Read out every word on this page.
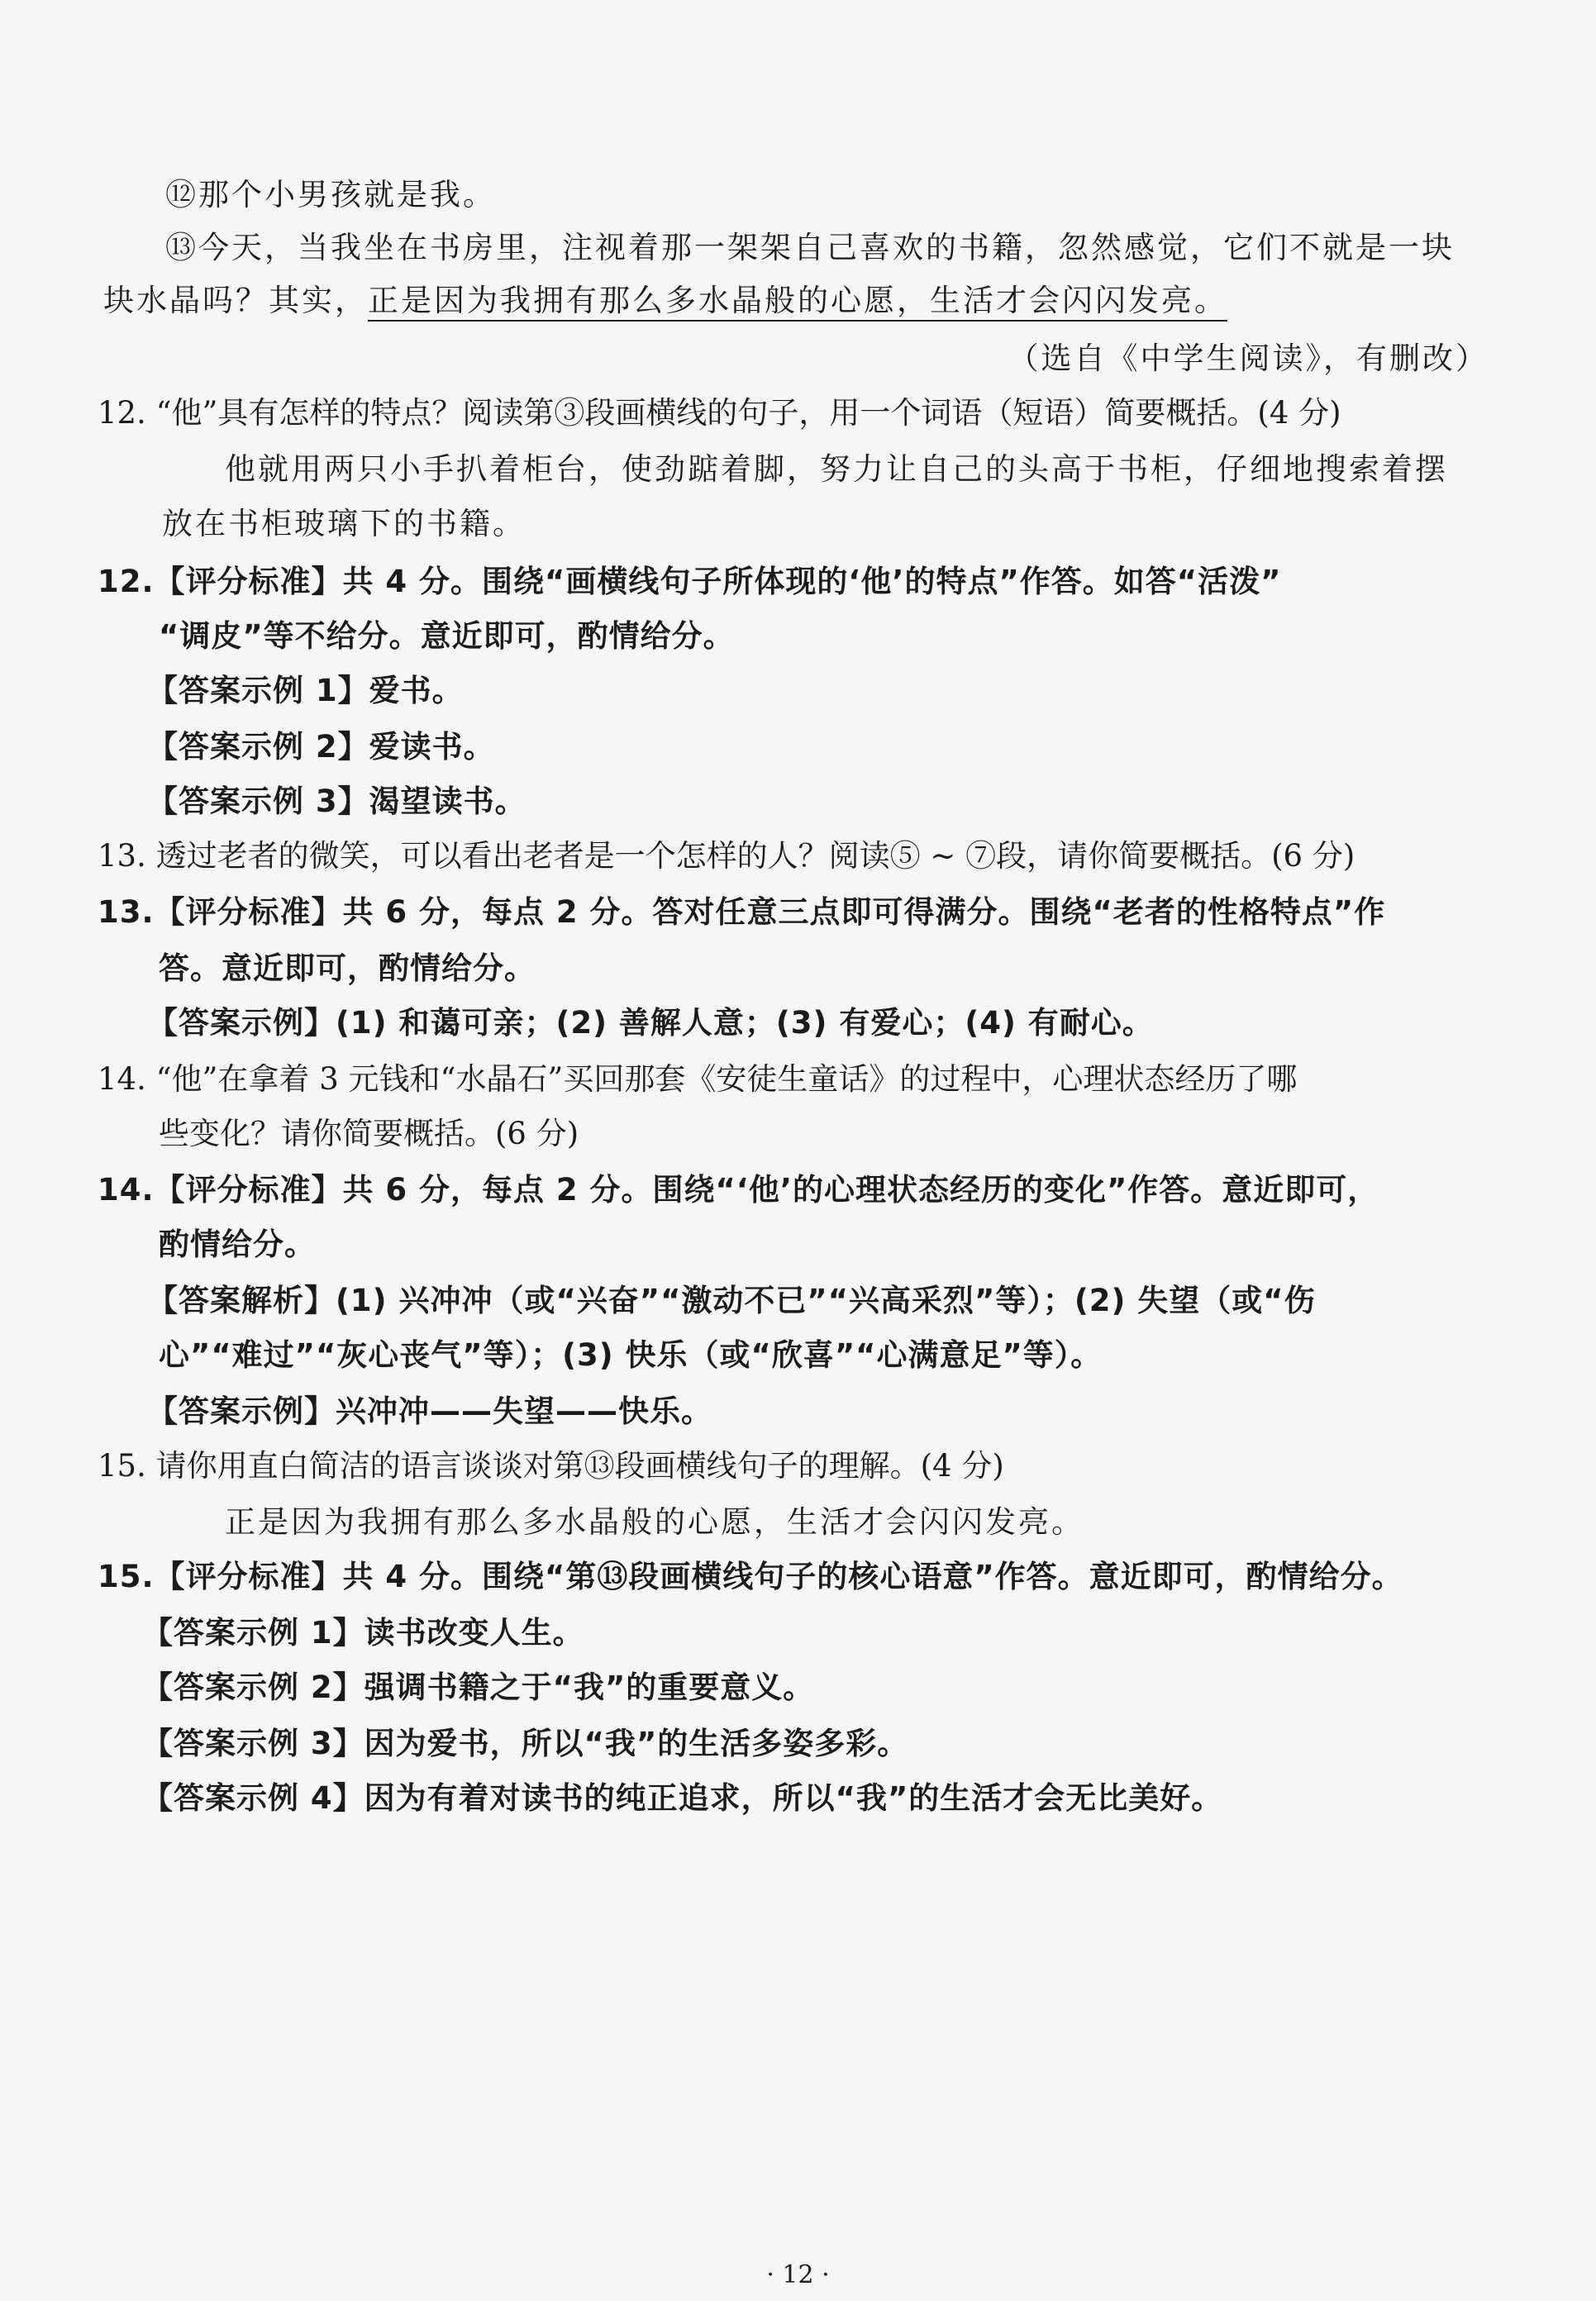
⑫那个小男孩就是我。
⑬今天，当我坐在书房里，注视着那一架架自己喜欢的书籍，忽然感觉，它们不就是一块
块水晶吗？其实，正是因为我拥有那么多水晶般的心愿，生活才会闪闪发亮。
（选自《中学生阅读》，有删改）
12. “他”具有怎样的特点？阅读第③段画横线的句子，用一个词语（短语）简要概括。(4 分)
他就用两只小手扒着柜台，使劲踮着脚，努力让自己的头高于书柜，仔细地搜索着摆
放在书柜玻璃下的书籍。
12.【评分标准】共 4 分。围绕“画横线句子所体现的‘他’的特点”作答。如答“活泼”
“调皮”等不给分。意近即可，酌情给分。
【答案示例 1】爱书。
【答案示例 2】爱读书。
【答案示例 3】渴望读书。
13. 透过老者的微笑，可以看出老者是一个怎样的人？阅读⑤ ~ ⑦段，请你简要概括。(6 分)
13.【评分标准】共 6 分，每点 2 分。答对任意三点即可得满分。围绕“老者的性格特点”作
答。意近即可，酌情给分。
【答案示例】(1) 和蔼可亲；(2) 善解人意；(3) 有爱心；(4) 有耐心。
14. “他”在拿着 3 元钱和“水晶石”买回那套《安徒生童话》的过程中，心理状态经历了哪
些变化？请你简要概括。(6 分)
14.【评分标准】共 6 分，每点 2 分。围绕“‘他’的心理状态经历的变化”作答。意近即可，
酌情给分。
【答案解析】(1) 兴冲冲（或“兴奋”“激动不已”“兴高采烈”等）；(2) 失望（或“伤
心”“难过”“灰心丧气”等）；(3) 快乐（或“欣喜”“心满意足”等）。
【答案示例】兴冲冲——失望——快乐。
15. 请你用直白简洁的语言谈谈对第⑬段画横线句子的理解。(4 分)
正是因为我拥有那么多水晶般的心愿，生活才会闪闪发亮。
15.【评分标准】共 4 分。围绕“第⑬段画横线句子的核心语意”作答。意近即可，酌情给分。
【答案示例 1】读书改变人生。
【答案示例 2】强调书籍之于“我”的重要意义。
【答案示例 3】因为爱书，所以“我”的生活多姿多彩。
【答案示例 4】因为有着对读书的纯正追求，所以“我”的生活才会无比美好。
· 12 ·
